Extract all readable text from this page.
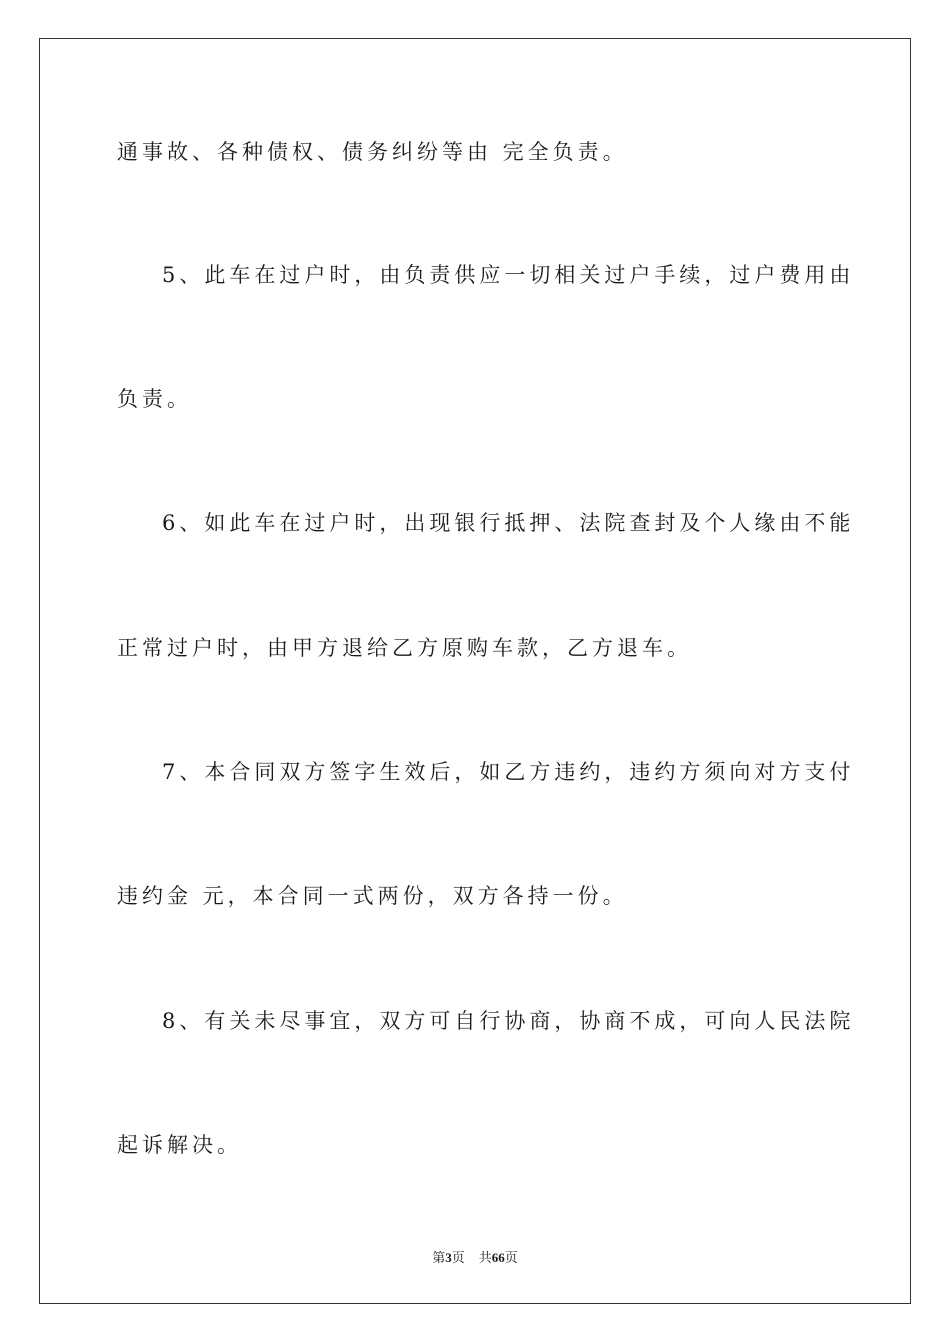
通事故、各种债权、债务纠纷等由 完全负责。
5、此车在过户时，由负责供应一切相关过户手续，过户费用由
负责。
6、如此车在过户时，出现银行抵押、法院查封及个人缘由不能
正常过户时，由甲方退给乙方原购车款，乙方退车。
7、本合同双方签字生效后，如乙方违约，违约方须向对方支付
违约金 元，本合同一式两份，双方各持一份。
8、有关未尽事宜，双方可自行协商，协商不成，可向人民法院
起诉解决。
第3页 共66页
